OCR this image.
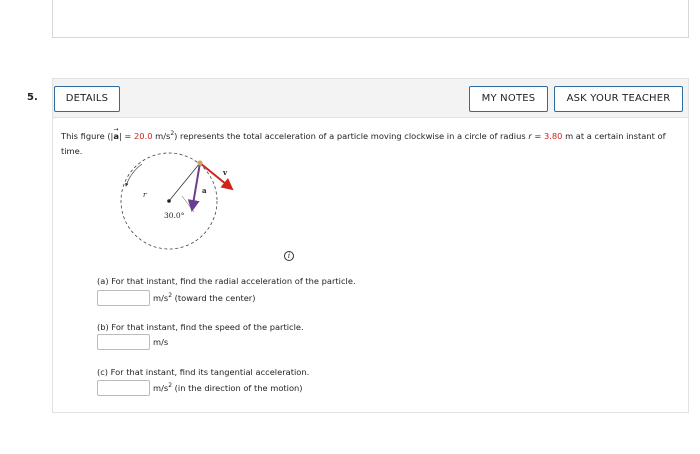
5.	DETAILS	MY NOTES	ASK YOUR TEACHER
This figure (|→ a| = 20.0 $m/s^2$) represents the total acceleration of a particle moving clockwise in a circle of radius r = 3.80 m at a certain instant of time.
r	a
v
30.0°
i
(a) For that instant, find the radial acceleration of the particle.
$m/s^2$ (toward the center)
(b) For that instant, find the speed of the particle.
m/s
(c) For that instant, find its tangential acceleration.
$m/s^2$ (in the direction of the motion)
